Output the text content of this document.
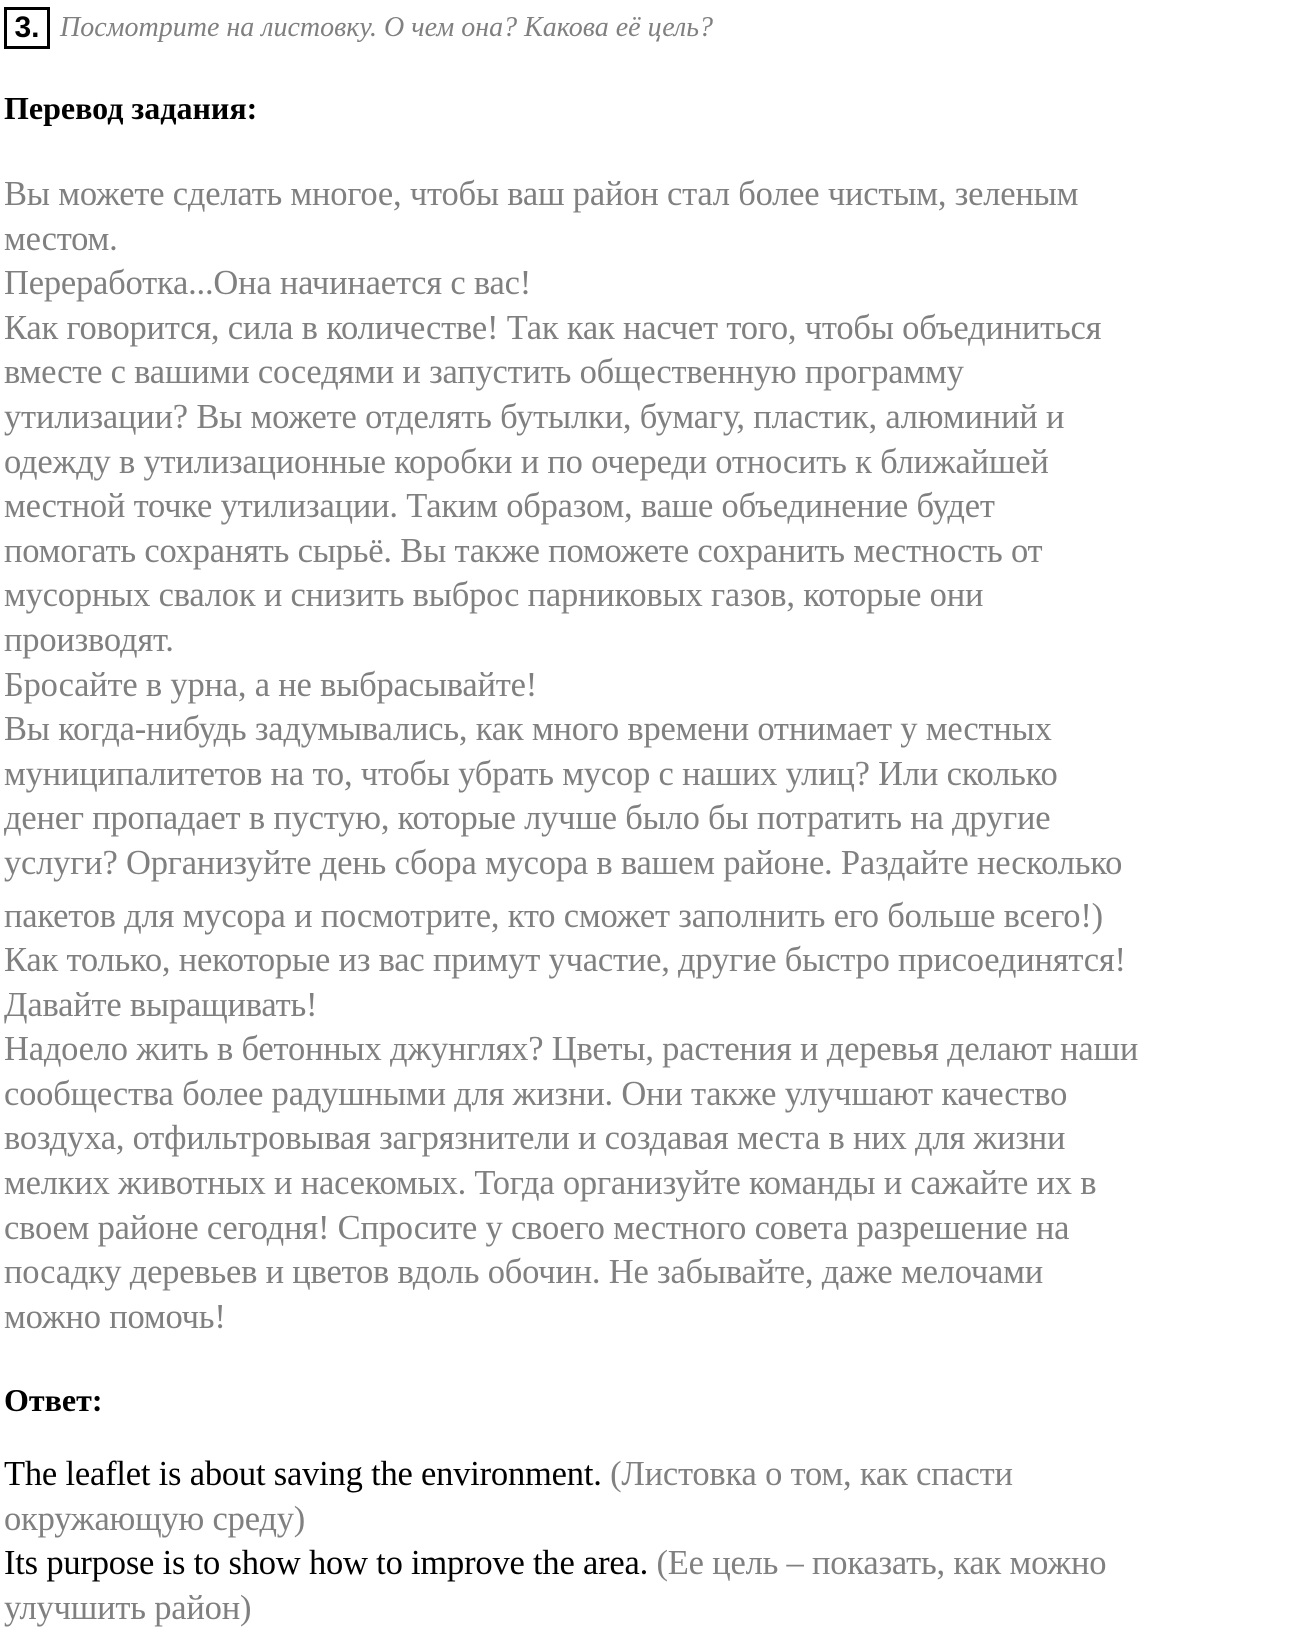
3. Посмотрите на листовку. О чем она? Какова её цель?
Перевод задания:
Вы можете сделать многое, чтобы ваш район стал более чистым, зеленым
местом.
Переработка...Она начинается с вас!
Как говорится, сила в количестве! Так как насчет того, чтобы объединиться
вместе с вашими соседями и запустить общественную программу
утилизации? Вы можете отделять бутылки, бумагу, пластик, алюминий и
одежду в утилизационные коробки и по очереди относить к ближайшей
местной точке утилизации. Таким образом, ваше объединение будет
помогать сохранять сырьё. Вы также поможете сохранить местность от
мусорных свалок и снизить выброс парниковых газов, которые они
производят.
Бросайте в урна, а не выбрасывайте!
Вы когда-нибудь задумывались, как много времени отнимает у местных
муниципалитетов на то, чтобы убрать мусор с наших улиц? Или сколько
денег пропадает в пустую, которые лучше было бы потратить на другие
услуги? Организуйте день сбора мусора в вашем районе. Раздайте несколько
пакетов для мусора и посмотрите, кто сможет заполнить его больше всего!)
Как только, некоторые из вас примут участие, другие быстро присоединятся!
Давайте выращивать!
Надоело жить в бетонных джунглях? Цветы, растения и деревья делают наши
сообщества более радушными для жизни. Они также улучшают качество
воздуха, отфильтровывая загрязнители и создавая места в них для жизни
мелких животных и насекомых. Тогда организуйте команды и сажайте их в
своем районе сегодня! Спросите у своего местного совета разрешение на
посадку деревьев и цветов вдоль обочин. Не забывайте, даже мелочами
можно помочь!
Ответ:
The leaflet is about saving the environment. (Листовка о том, как спасти
окружающую среду)
Its purpose is to show how to improve the area. (Ее цель – показать, как можно
улучшить район)
